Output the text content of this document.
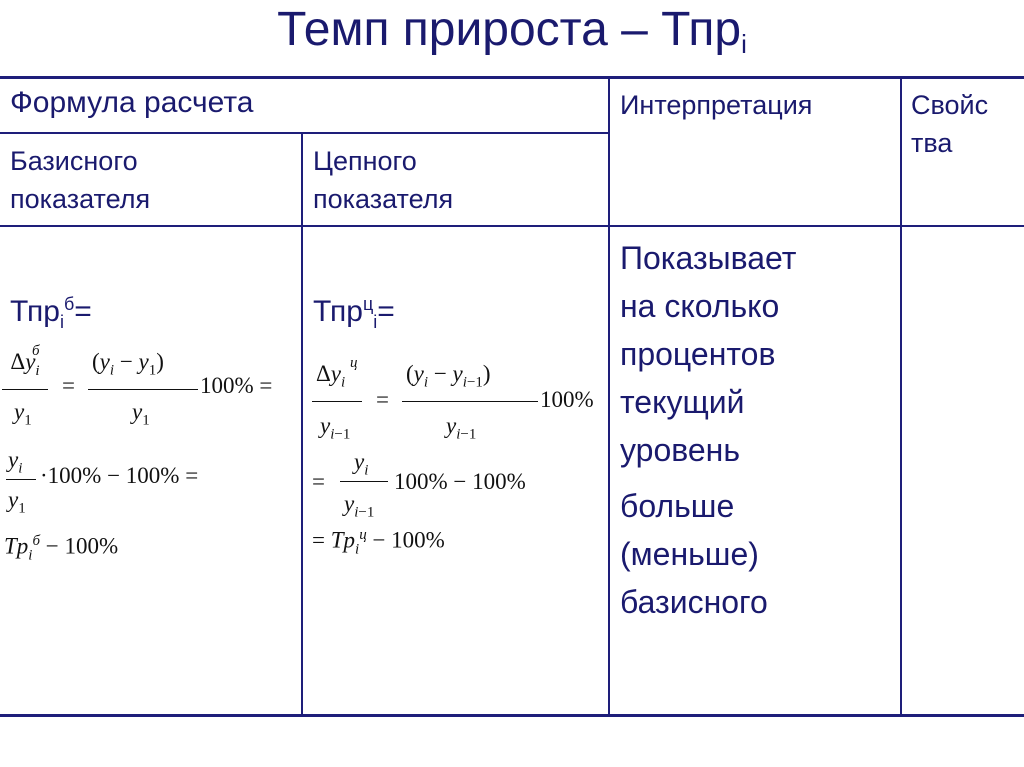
Темп прироста – Тпр$_i$
Формула расчета
Базисного показателя
Цепного показателя
Интерпретация	Свойс тва
Тпр$_i^б$=	Тпр$^ц_i$=
$\Delta y_i$
б
$y_1$
=
$(y_i - y_1)$
$y_1$
100% =
$y_i$
$y_1$
·100% − 100% =
$Tp_i^б - 100\%$
$\Delta y_i$
ц
$y_{i-1}$
=
$(y_i - y_{i-1})$
$y_{i-1}$
100%
=
$y_i$
$y_{i-1}$
100% − 100%
= $Tp_i^ц - 100\%$
Показывает
на сколько
процентов
текущий
уровень
больше
(меньше)
базисного
